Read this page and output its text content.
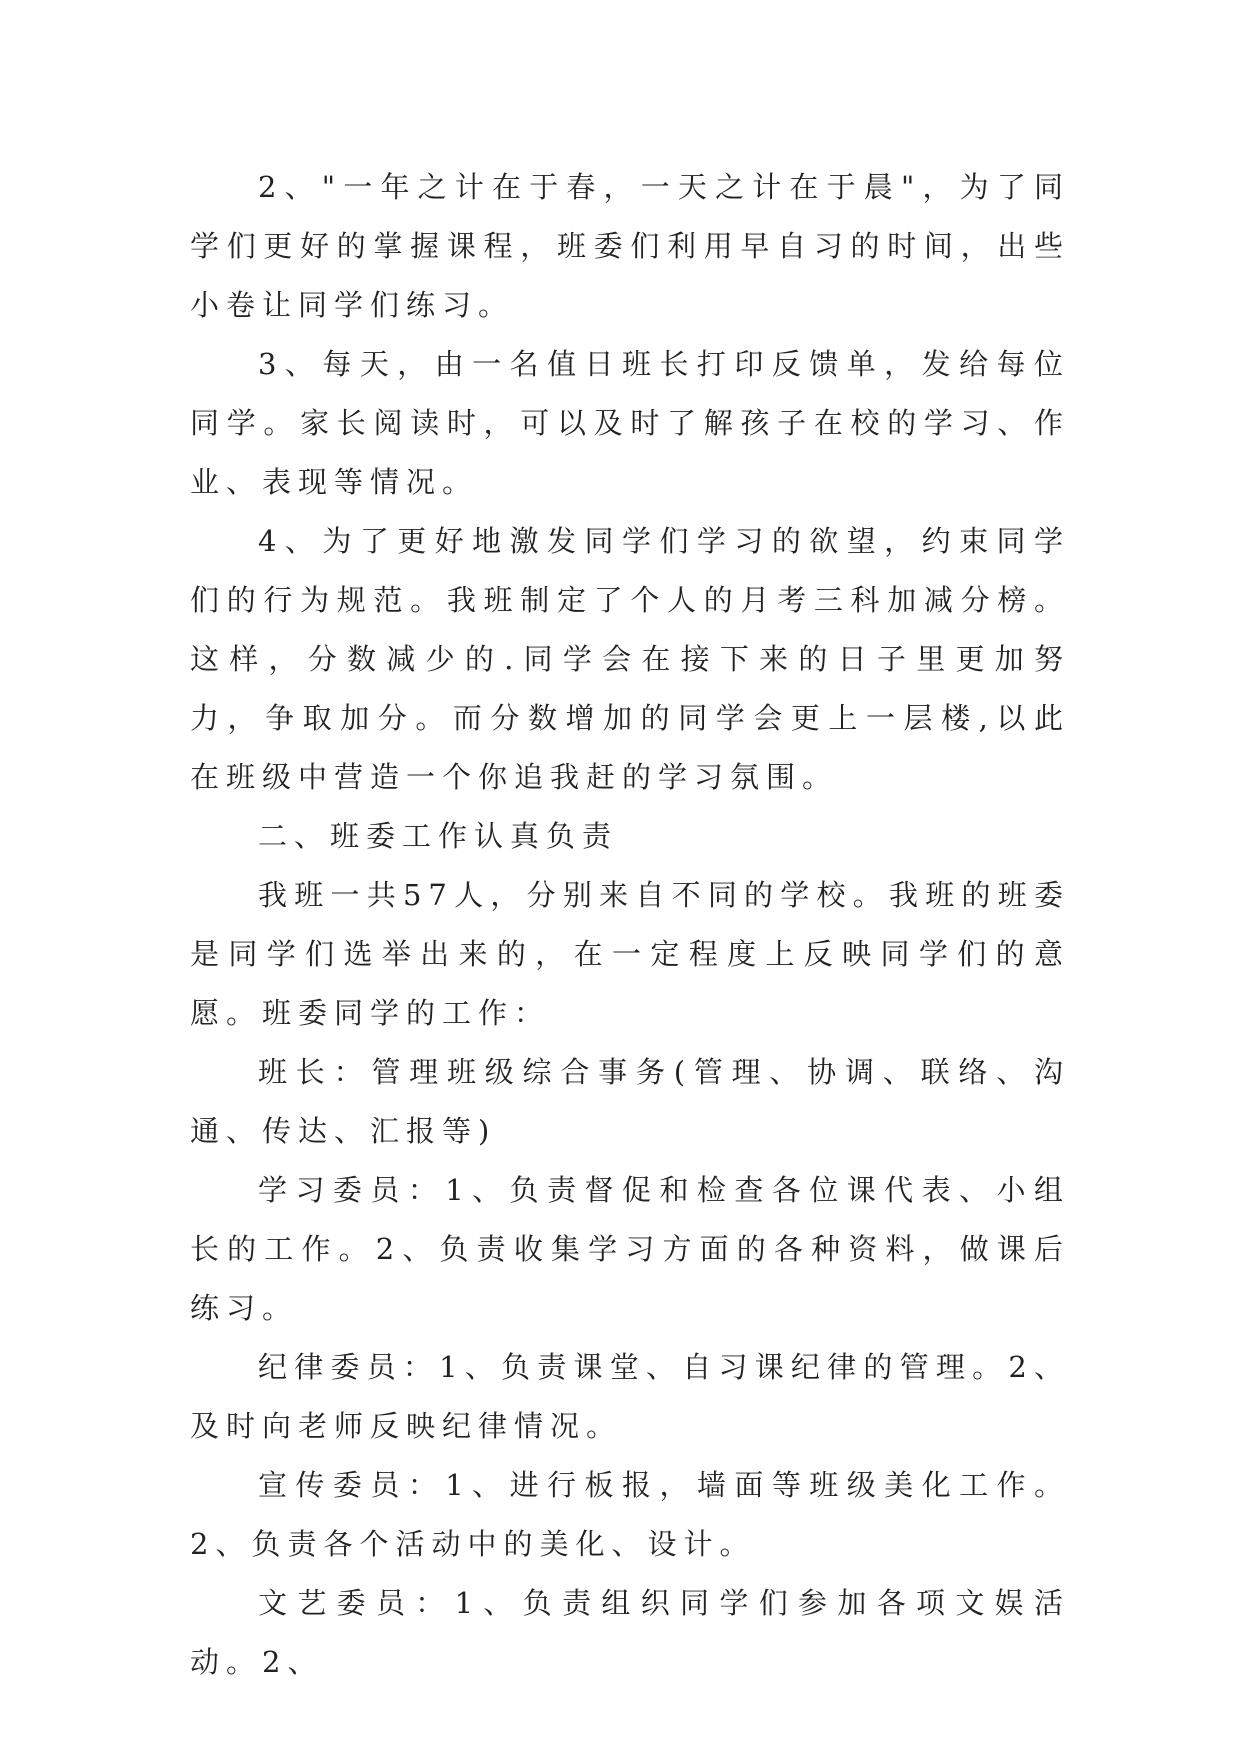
2、"一年之计在于春，一天之计在于晨"，为了同学们更好的掌握课程，班委们利用早自习的时间，出些小卷让同学们练习。

3、每天，由一名值日班长打印反馈单，发给每位同学。家长阅读时，可以及时了解孩子在校的学习、作业、表现等情况。

4、为了更好地激发同学们学习的欲望，约束同学们的行为规范。我班制定了个人的月考三科加减分榜。这样，分数减少的.同学会在接下来的日子里更加努力，争取加分。而分数增加的同学会更上一层楼,以此在班级中营造一个你追我赶的学习氛围。

二、班委工作认真负责

我班一共57人，分别来自不同的学校。我班的班委是同学们选举出来的，在一定程度上反映同学们的意愿。班委同学的工作：

班长：管理班级综合事务(管理、协调、联络、沟通、传达、汇报等)

学习委员：1、负责督促和检查各位课代表、小组长的工作。2、负责收集学习方面的各种资料，做课后练习。

纪律委员：1、负责课堂、自习课纪律的管理。2、及时向老师反映纪律情况。

宣传委员：1、进行板报，墙面等班级美化工作。2、负责各个活动中的美化、设计。

文艺委员：1、负责组织同学们参加各项文娱活动。2、
